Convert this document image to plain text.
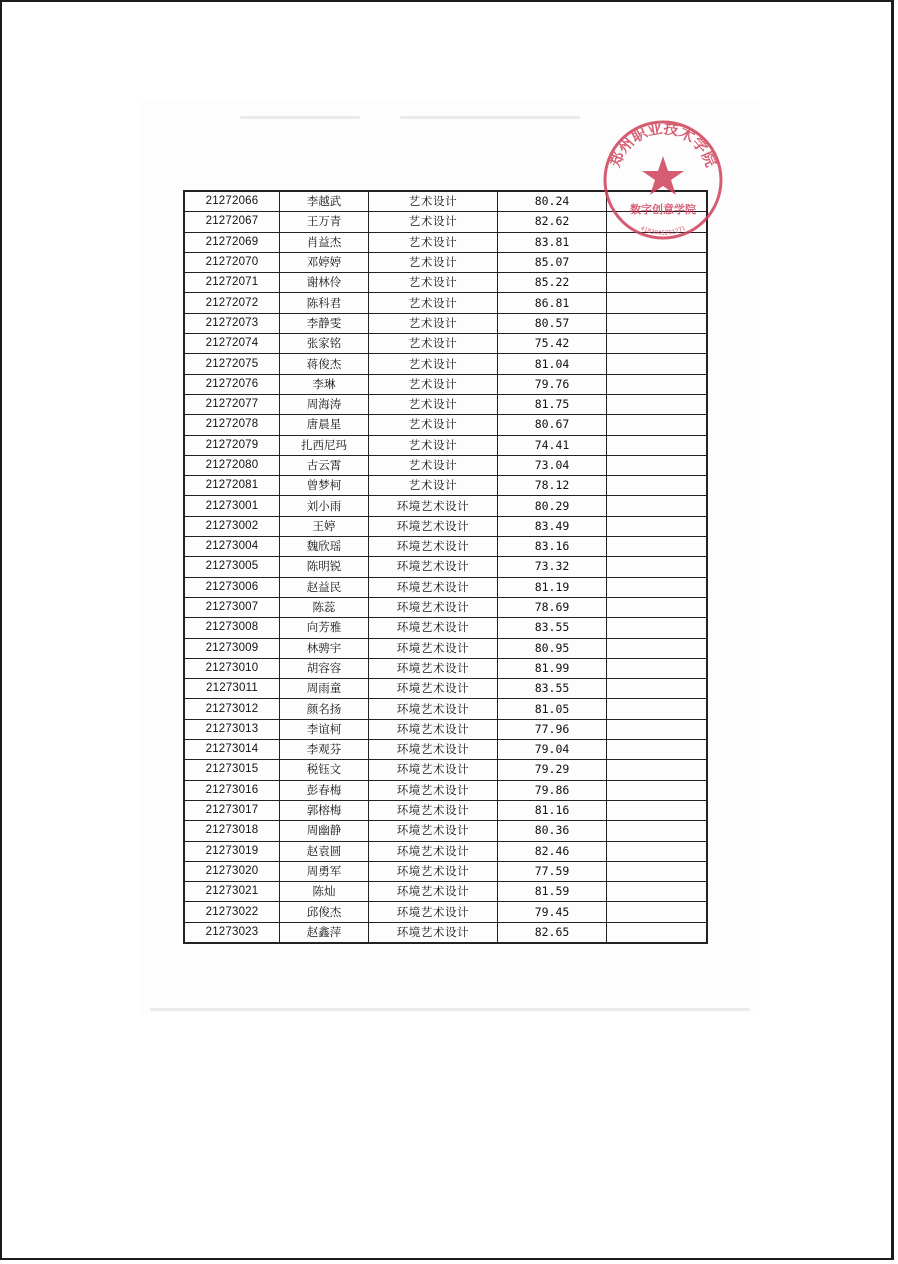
21272066	李越武	艺术设计	80.24	
21272067	王万青	艺术设计	82.62	
21272069	肖益杰	艺术设计	83.81	
21272070	邓婷婷	艺术设计	85.07	
21272071	谢林伶	艺术设计	85.22	
21272072	陈科君	艺术设计	86.81	
21272073	李静雯	艺术设计	80.57	
21272074	张家铭	艺术设计	75.42	
21272075	蒋俊杰	艺术设计	81.04	
21272076	李琳	艺术设计	79.76	
21272077	周海涛	艺术设计	81.75	
21272078	唐晨星	艺术设计	80.67	
21272079	扎西尼玛	艺术设计	74.41	
21272080	古云霄	艺术设计	73.04	
21272081	曾梦柯	艺术设计	78.12	
21273001	刘小雨	环境艺术设计	80.29	
21273002	王婷	环境艺术设计	83.49	
21273004	魏欣瑶	环境艺术设计	83.16	
21273005	陈明锐	环境艺术设计	73.32	
21273006	赵益民	环境艺术设计	81.19	
21273007	陈蕊	环境艺术设计	78.69	
21273008	向芳雅	环境艺术设计	83.55	
21273009	林骋宇	环境艺术设计	80.95	
21273010	胡容容	环境艺术设计	81.99	
21273011	周雨童	环境艺术设计	83.55	
21273012	颜名扬	环境艺术设计	81.05	
21273013	李谊柯	环境艺术设计	77.96	
21273014	李观芬	环境艺术设计	79.04	
21273015	税钰文	环境艺术设计	79.29	
21273016	彭春梅	环境艺术设计	79.86	
21273017	郭榕梅	环境艺术设计	81.16	
21273018	周幽静	环境艺术设计	80.36	
21273019	赵袁圆	环境艺术设计	82.46	
21273020	周勇军	环境艺术设计	77.59	
21273021	陈灿	环境艺术设计	81.59	
21273022	邱俊杰	环境艺术设计	79.45	
21273023	赵鑫萍	环境艺术设计	82.65	
郑州职业技术学院
数字创意学院
4103045211271
